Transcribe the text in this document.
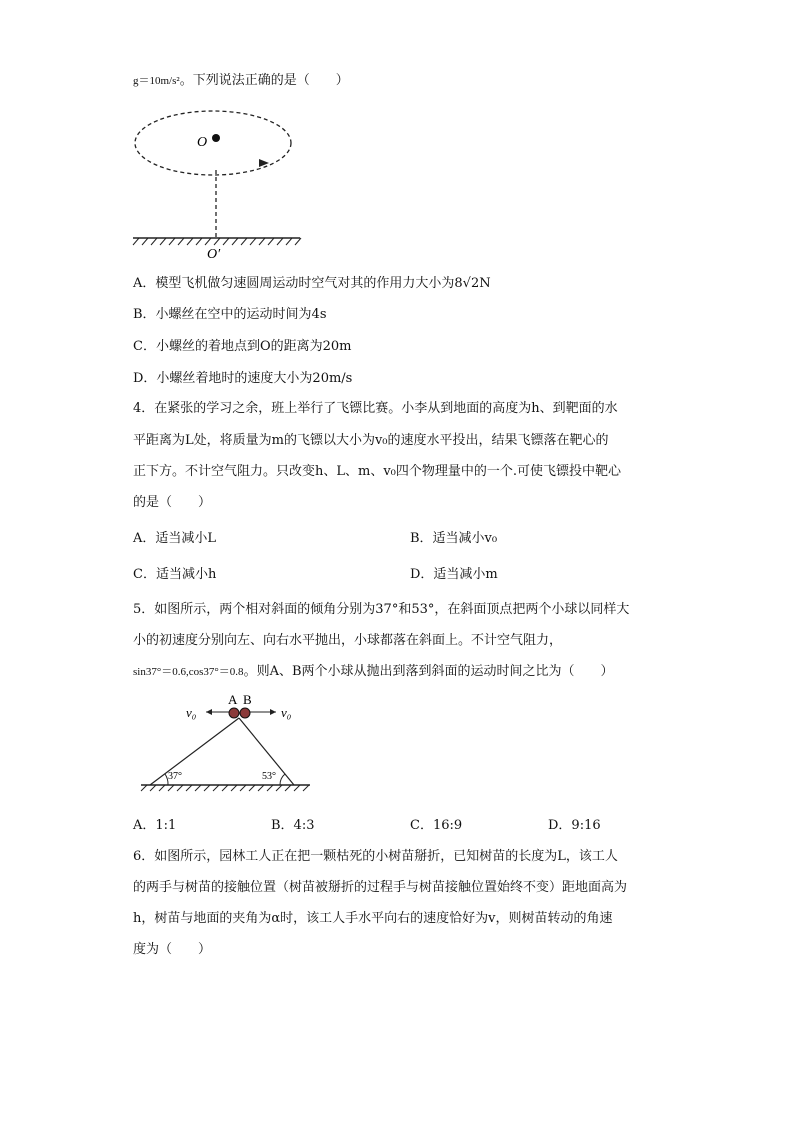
g＝10m/s²。下列说法正确的是（　　）
O
O′
A．模型飞机做匀速圆周运动时空气对其的作用力大小为8√2N
B．小螺丝在空中的运动时间为4s
C．小螺丝的着地点到O的距离为20m
D．小螺丝着地时的速度大小为20m/s
4．在紧张的学习之余，班上举行了飞镖比赛。小李从到地面的高度为h、到靶面的水
平距离为L处，将质量为m的飞镖以大小为v₀的速度水平投出，结果飞镖落在靶心的
正下方。不计空气阻力。只改变h、L、m、v₀四个物理量中的一个.可使飞镖投中靶心
的是（　　）
A．适当减小L	B．适当减小v₀
C．适当减小h	D．适当减小m
5．如图所示，两个相对斜面的倾角分别为37°和53°，在斜面顶点把两个小球以同样大
小的初速度分别向左、向右水平抛出，小球都落在斜面上。不计空气阻力，
sin37°＝0.6,cos37°＝0.8。则A、B两个小球从抛出到落到斜面的运动时间之比为（　　）
A B
v₀	v₀
37°	53°
A．1:1	B．4:3	C．16:9	D．9:16
6．如图所示，园林工人正在把一颗枯死的小树苗掰折，已知树苗的长度为L，该工人
的两手与树苗的接触位置（树苗被掰折的过程手与树苗接触位置始终不变）距地面高为
h，树苗与地面的夹角为α时，该工人手水平向右的速度恰好为v，则树苗转动的角速
度为（　　）
